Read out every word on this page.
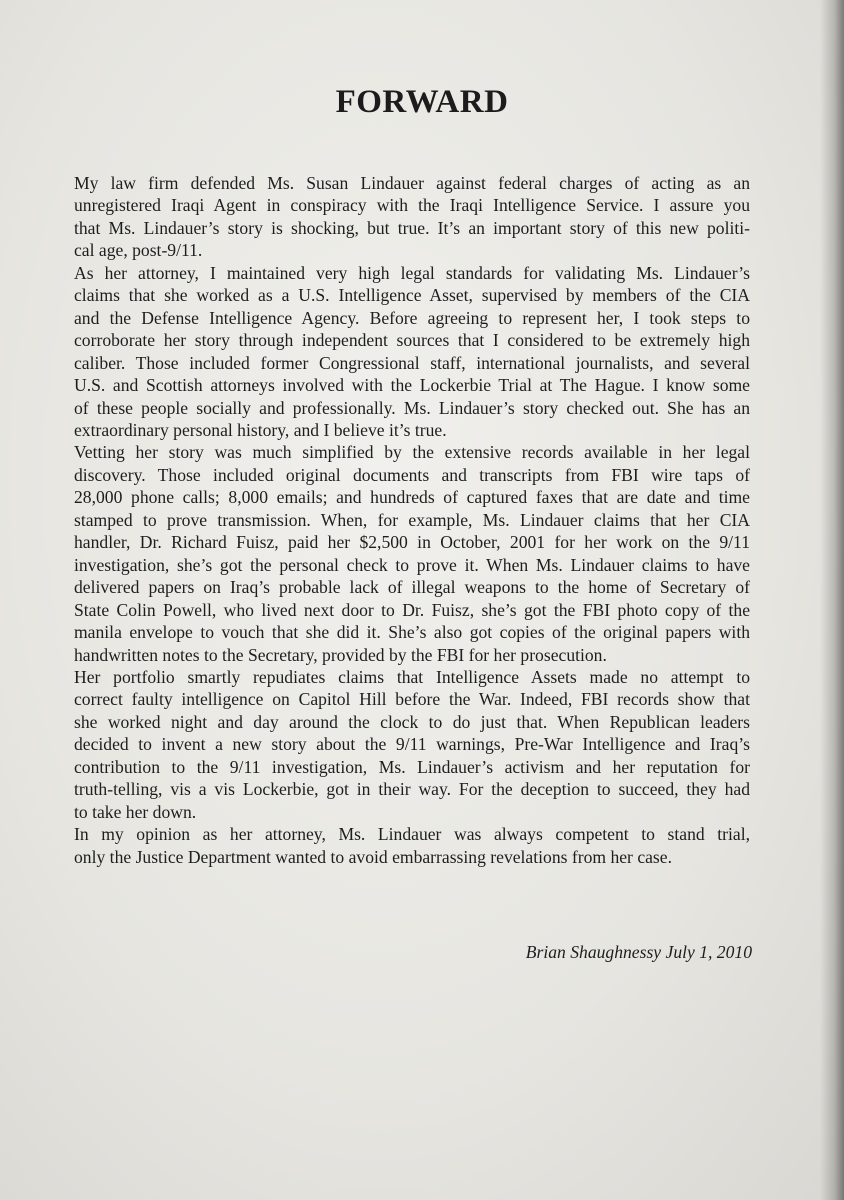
FORWARD

My law firm defended Ms. Susan Lindauer against federal charges of acting as an
unregistered Iraqi Agent in conspiracy with the Iraqi Intelligence Service. I assure you
that Ms. Lindauer’s story is shocking, but true. It’s an important story of this new politi-
cal age, post-9/11.

As her attorney, I maintained very high legal standards for validating Ms. Lindauer’s
claims that she worked as a U.S. Intelligence Asset, supervised by members of the CIA
and the Defense Intelligence Agency. Before agreeing to represent her, I took steps to
corroborate her story through independent sources that I considered to be extremely high
caliber. Those included former Congressional staff, international journalists, and several
U.S. and Scottish attorneys involved with the Lockerbie Trial at The Hague. I know some
of these people socially and professionally. Ms. Lindauer’s story checked out. She has an
extraordinary personal history, and I believe it’s true.

Vetting her story was much simplified by the extensive records available in her legal
discovery. Those included original documents and transcripts from FBI wire taps of
28,000 phone calls; 8,000 emails; and hundreds of captured faxes that are date and time
stamped to prove transmission. When, for example, Ms. Lindauer claims that her CIA
handler, Dr. Richard Fuisz, paid her $2,500 in October, 2001 for her work on the 9/11
investigation, she’s got the personal check to prove it. When Ms. Lindauer claims to have
delivered papers on Iraq’s probable lack of illegal weapons to the home of Secretary of
State Colin Powell, who lived next door to Dr. Fuisz, she’s got the FBI photo copy of the
manila envelope to vouch that she did it. She’s also got copies of the original papers with
handwritten notes to the Secretary, provided by the FBI for her prosecution.

Her portfolio smartly repudiates claims that Intelligence Assets made no attempt to
correct faulty intelligence on Capitol Hill before the War. Indeed, FBI records show that
she worked night and day around the clock to do just that. When Republican leaders
decided to invent a new story about the 9/11 warnings, Pre-War Intelligence and Iraq’s
contribution to the 9/11 investigation, Ms. Lindauer’s activism and her reputation for
truth-telling, vis a vis Lockerbie, got in their way. For the deception to succeed, they had
to take her down.

In my opinion as her attorney, Ms. Lindauer was always competent to stand trial,
only the Justice Department wanted to avoid embarrassing revelations from her case.

Brian Shaughnessy July 1, 2010
